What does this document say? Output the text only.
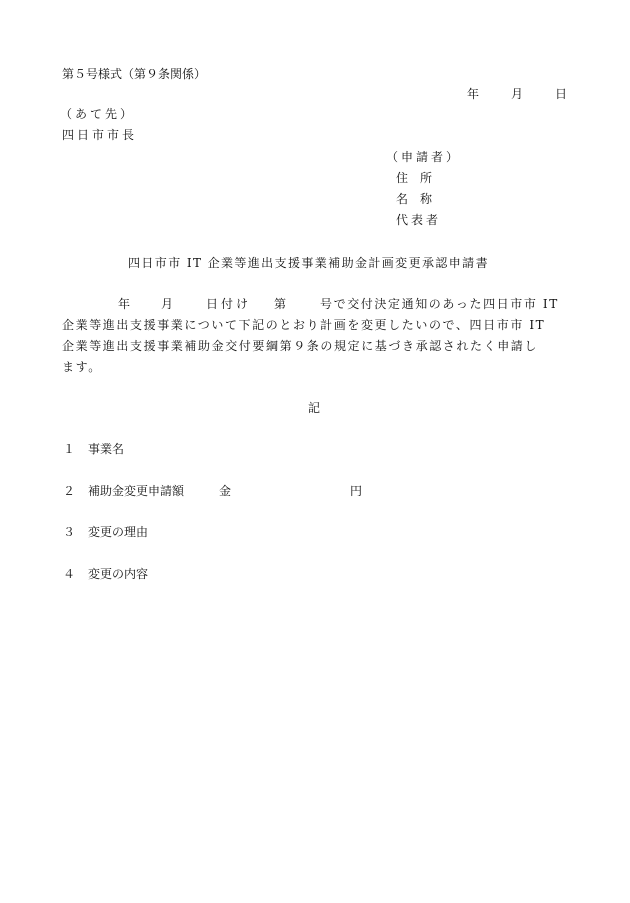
第５号様式（第９条関係）
年	月	日
（あて先）
四日市市長
（申請者）
住　所
名　称
代表者
四日市市 IT 企業等進出支援事業補助金計画変更承認申請書
年	月	日付け 第	号で交付決定通知のあった四日市市 IT
企業等進出支援事業について下記のとおり計画を変更したいので、四日市市 IT
企業等進出支援事業補助金交付要綱第９条の規定に基づき承認されたく申請し
ます。
記
１ 事業名
２ 補助金変更申請額	金	円
３ 変更の理由
４ 変更の内容
